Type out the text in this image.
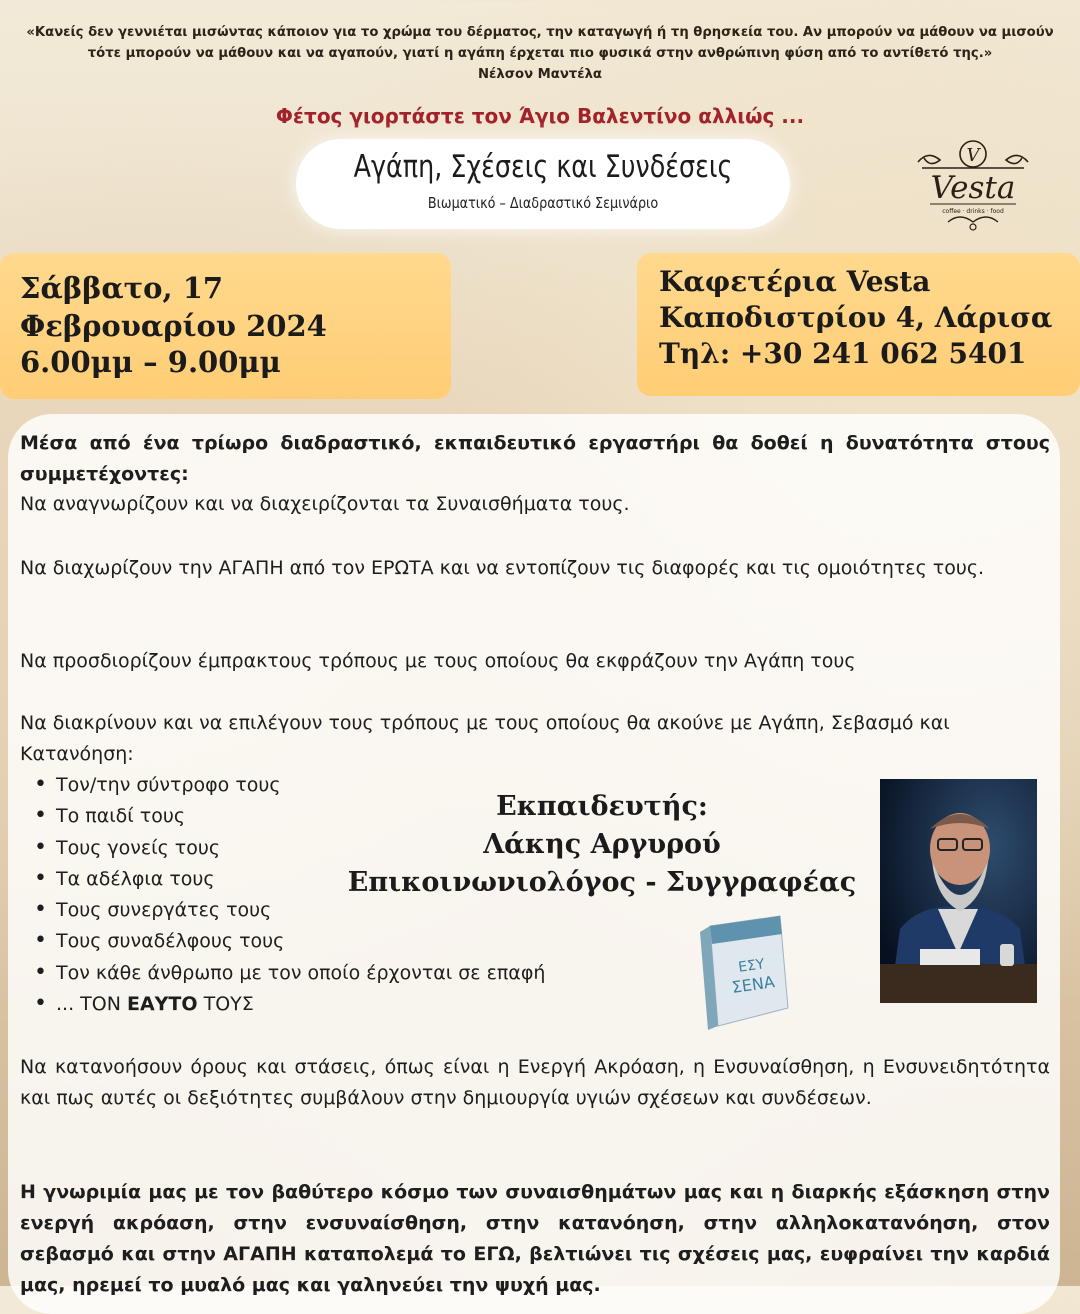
«Κανείς δεν γεννιέται μισώντας κάποιον για το χρώμα του δέρματος, την καταγωγή ή τη θρησκεία του. Αν μπορούν να μάθουν να μισούν
τότε μπορούν να μάθουν και να αγαπούν, γιατί η αγάπη έρχεται πιο φυσικά στην ανθρώπινη φύση από το αντίθετό της.»
Νέλσον Μαντέλα
Φέτος γιορτάστε τον Άγιο Βαλεντίνο αλλιώς ...
Αγάπη, Σχέσεις και Συνδέσεις
Βιωματικό – Διαδραστικό Σεμινάριο
V
Vesta
coffee · drinks · food
Σάββατο, 17
Φεβρουαρίου 2024
6.00μμ – 9.00μμ
Καφετέρια Vesta
Καποδιστρίου 4, Λάρισα
Τηλ: +30 241 062 5401
Μέσα από ένα τρίωρο διαδραστικό, εκπαιδευτικό εργαστήρι θα δοθεί η δυνατότητα στους συμμετέχοντες:
Να αναγνωρίζουν και να διαχειρίζονται τα Συναισθήματα τους.
Να διαχωρίζουν την ΑΓΑΠΗ από τον ΕΡΩΤΑ και να εντοπίζουν τις διαφορές και τις ομοιότητες τους.
Να προσδιορίζουν έμπρακτους τρόπους με τους οποίους θα εκφράζουν την Αγάπη τους
Να διακρίνουν και να επιλέγουν τους τρόπους με τους οποίους θα ακούνε με Αγάπη, Σεβασμό και Κατανόηση:
• Τον/την σύντροφο τους
• Το παιδί τους
• Τους γονείς τους
• Τα αδέλφια τους
• Τους συνεργάτες τους
• Τους συναδέλφους τους
• Τον κάθε άνθρωπο με τον οποίο έρχονται σε επαφή
• ... ΤΟΝ ΕΑΥΤΟ ΤΟΥΣ
Εκπαιδευτής:
Λάκης Αργυρού
Επικοινωνιολόγος - Συγγραφέας
ΕΣΥ
ΣΕΝΑ
Να κατανοήσουν όρους και στάσεις, όπως είναι η Ενεργή Ακρόαση, η Ενσυναίσθηση, η Ενσυνειδητότητα και πως αυτές οι δεξιότητες συμβάλουν στην δημιουργία υγιών σχέσεων και συνδέσεων.
Η γνωριμία μας με τον βαθύτερο κόσμο των συναισθημάτων μας και η διαρκής εξάσκηση στην ενεργή ακρόαση, στην ενσυναίσθηση, στην κατανόηση, στην αλληλοκατανόηση, στον σεβασμό και στην ΑΓΑΠΗ καταπολεμά το ΕΓΩ, βελτιώνει τις σχέσεις μας, ευφραίνει την καρδιά μας, ηρεμεί το μυαλό μας και γαληνεύει την ψυχή μας.
